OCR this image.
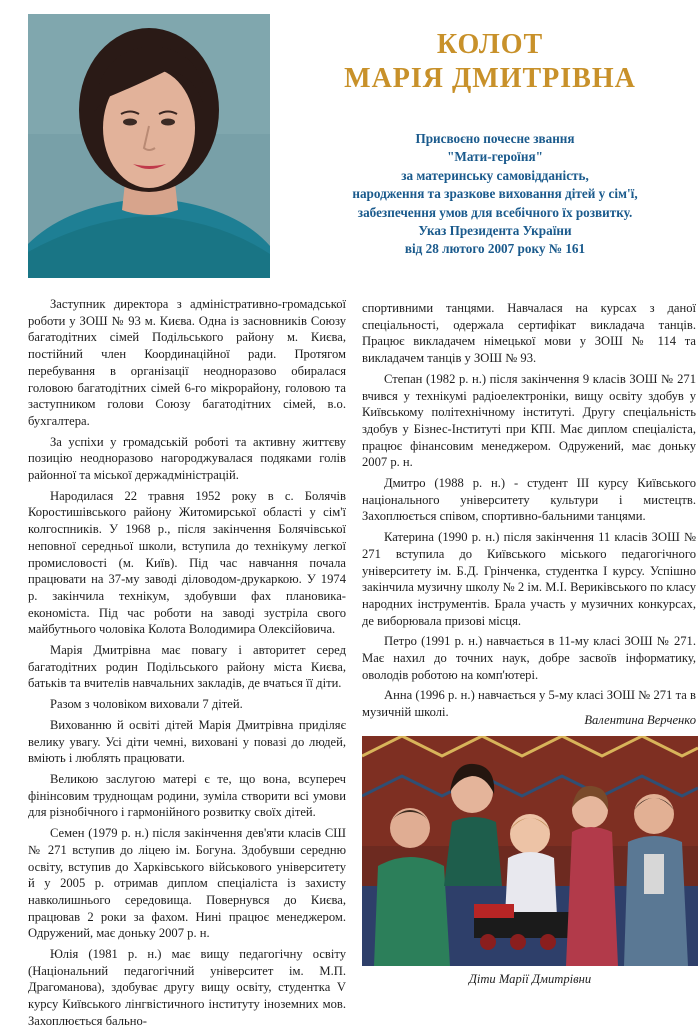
КОЛОТ
МАРІЯ ДМИТРІВНА
Присвоєно почесне звання
"Мати-героїня"
за материнську самовідданість,
народження та зразкове виховання дітей у сім'ї,
забезпечення умов для всебічного їх розвитку.
Указ Президента України
від 28 лютого 2007 року № 161

Заступник директора з адміністративно-громадської роботи у ЗОШ № 93 м. Києва. Одна із засновників Союзу багатодітних сімей Подільського району м. Києва, постійний член Координаційної ради. Протягом перебування в організації неодноразово обиралася головою багатодітних сімей 6-го мікрорайону, головою та заступником голови Союзу багатодітних сімей, в.о. бухгалтера.

За успіхи у громадській роботі та активну життєву позицію неодноразово нагороджувалася подяками голів районної та міської держадміністрацій.

Народилася 22 травня 1952 року в с. Болячів Коростишівського району Житомирської області у сім'ї колгоспників. У 1968 р., після закінчення Болячівської неповної середньої школи, вступила до технікуму легкої промисловості (м. Київ). Під час навчання почала працювати на 37-му заводі діловодом-друкаркою. У 1974 р. закінчила технікум, здобувши фах плановика-економіста. Під час роботи на заводі зустріла свого майбутнього чоловіка Колота Володимира Олексійовича.

Марія Дмитрівна має повагу і авторитет серед багатодітних родин Подільського району міста Києва, батьків та вчителів навчальних закладів, де вчаться її діти.

Разом з чоловіком виховали 7 дітей.

Вихованню й освіті дітей Марія Дмитрівна приділяє велику увагу. Усі діти чемні, виховані у повазі до людей, вміють і люблять працювати.

Великою заслугою матері є те, що вона, всупереч фінінсовим труднощам родини, зуміла створити всі умови для різнобічного і гармонійного розвитку своїх дітей.

Семен (1979 р. н.) після закінчення дев'яти класів СШ № 271 вступив до ліцею ім. Богуна. Здобувши середню освіту, вступив до Харківського військового університету й у 2005 р. отримав диплом спеціаліста із захисту навколишнього середовища. Повернувся до Києва, працював 2 роки за фахом. Нині працює менеджером. Одружений, має доньку 2007 р. н.

Юлія (1981 р. н.) має вищу педагогічну освіту (Національний педагогічний університет ім. М.П. Драгоманова), здобуває другу вищу освіту, студентка V курсу Київського лінгвістичного інституту іноземних мов. Захоплюється бально-

спортивними танцями. Навчалася на курсах з даної спеціальності, одержала сертифікат викладача танців. Працює викладачем німецької мови у ЗОШ № 114 та викладачем танців у ЗОШ № 93.

Степан (1982 р. н.) після закінчення 9 класів ЗОШ № 271 вчився у технікумі радіоелектроніки, вищу освіту здобув у Київському політехнічному інституті. Другу спеціальність здобув у Бізнес-Інституті при КПІ. Має диплом спеціаліста, працює фінансовим менеджером. Одружений, має доньку 2007 р. н.

Дмитро (1988 р. н.) - студент III курсу Київського національного університету культури і мистецтв. Захоплюється співом, спортивно-бальними танцями.

Катерина (1990 р. н.) після закінчення 11 класів ЗОШ № 271 вступила до Київського міського педагогічного університету ім. Б.Д. Грінченка, студентка I курсу. Успішно закінчила музичну школу № 2 ім. М.І. Вериківського по класу народних інструментів. Брала участь у музичних конкурсах, де виборювала призові місця.

Петро (1991 р. н.) навчається в 11-му класі ЗОШ № 271. Має нахил до точних наук, добре засвоїв інформатику, оволодів роботою на комп'ютері.

Анна (1996 р. н.) навчається у 5-му класі ЗОШ № 271 та в музичній школі.

Валентина Верченко
Діти Марії Дмитрівни
